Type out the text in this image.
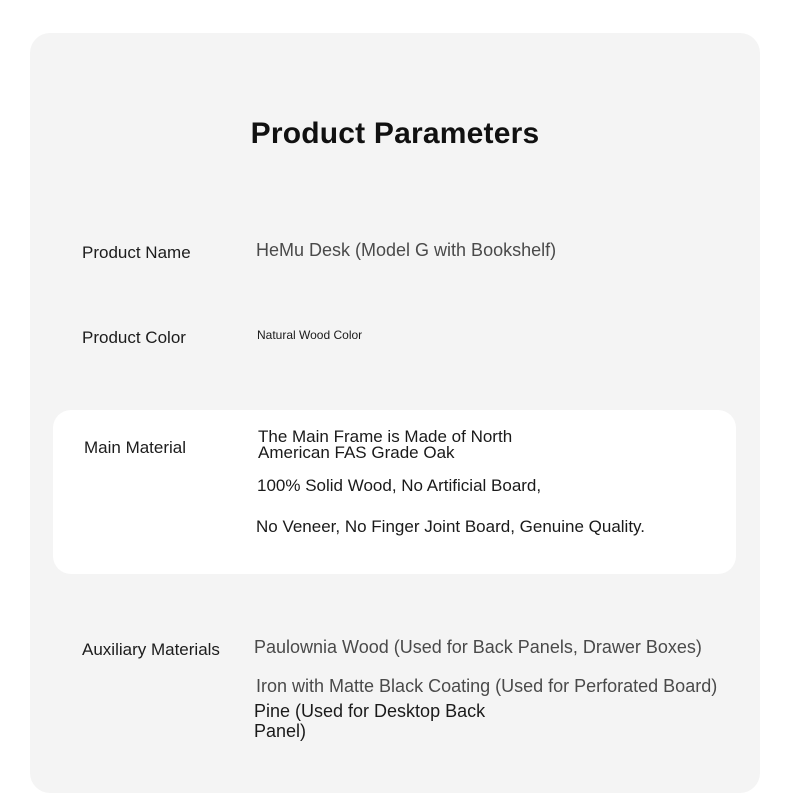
Product Parameters
Product Name	HeMu Desk (Model G with Bookshelf)
Product Color	Natural Wood Color
Main Material
The Main Frame is Made of North
American FAS Grade Oak
100% Solid Wood, No Artificial Board,
No Veneer, No Finger Joint Board, Genuine Quality.
Auxiliary Materials Paulownia Wood (Used for Back Panels, Drawer Boxes)
Iron with Matte Black Coating (Used for Perforated Board)
Pine (Used for Desktop Back
Panel)
